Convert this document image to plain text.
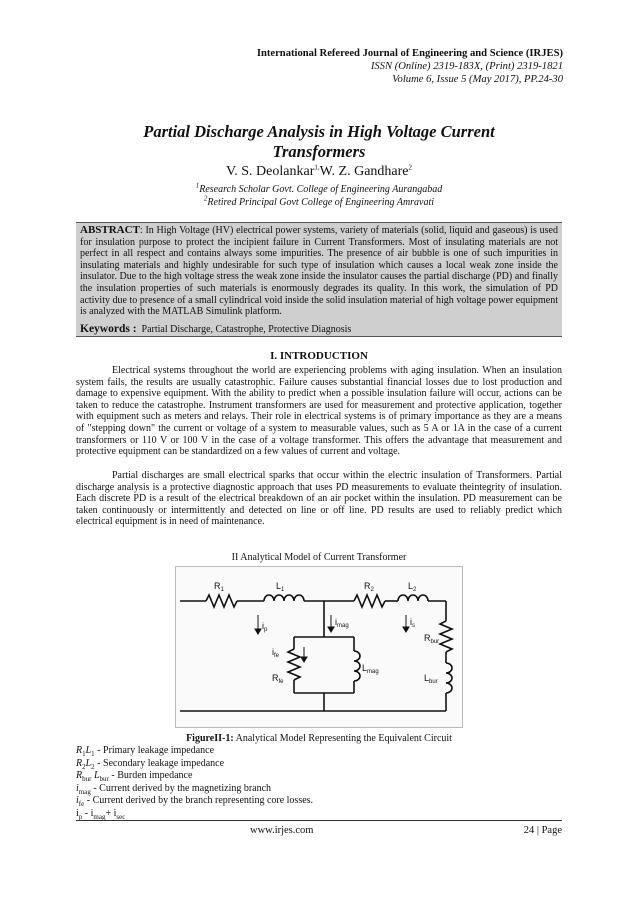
International Refereed Journal of Engineering and Science (IRJES)
ISSN (Online) 2319-183X, (Print) 2319-1821
Volume 6, Issue 5 (May 2017), PP.24-30
Partial Discharge Analysis in High Voltage Current
Transformers
V. S. Deolankar$^{1,}$W. Z. Gandhare$^2$
$^1$Research Scholar Govt. College of Engineering Aurangabad
$^2$Retired Principal Govt College of Engineering Amravati
ABSTRACT: In High Voltage (HV) electrical power systems, variety of materials (solid, liquid and gaseous) is used for insulation purpose to protect the incipient failure in Current Transformers. Most of insulating materials are not perfect in all respect and contains always some impurities. The presence of air bubble is one of such impurities in insulating materials and highly undesirable for such type of insulation which causes a local weak zone inside the insulator. Due to the high voltage stress the weak zone inside the insulator causes the partial discharge (PD) and finally the insulation properties of such materials is enormously degrades its quality. In this work, the simulation of PD activity due to presence of a small cylindrical void inside the solid insulation material of high voltage power equipment is analyzed with the MATLAB Simulink platform.
Keywords : Partial Discharge, Catastrophe, Protective Diagnosis
I. INTRODUCTION
Electrical systems throughout the world are experiencing problems with aging insulation. When an insulation system fails, the results are usually catastrophic. Failure causes substantial financial losses due to lost production and damage to expensive equipment. With the ability to predict when a possible insulation failure will occur, actions can be taken to reduce the catastrophe. Instrument transformers are used for measurement and protective application, together with equipment such as meters and relays. Their role in electrical systems is of primary importance as they are a means of "stepping down" the current or voltage of a system to measurable values, such as 5 A or 1A in the case of a current transformers or 110 V or 100 V in the case of a voltage transformer. This offers the advantage that measurement and protective equipment can be standardized on a few values of current and voltage.
Partial discharges are small electrical sparks that occur within the electric insulation of Transformers. Partial discharge analysis is a protective diagnostic approach that uses PD measurements to evaluate theintegrity of insulation. Each discrete PD is a result of the electrical breakdown of an air pocket within the insulation. PD measurement can be taken continuously or intermittently and detected on line or off line. PD results are used to reliably predict which electrical equipment is in need of maintenance.
II Analytical Model of Current Transformer
$R_1$	$L_1$	$R_2$	$L_2$
$i_p$
$i_{mag}$	$i_s$
$i_{fe}$
$R_{fe}$
$L_{mag}$
$R_{bur}$
$L_{bur}$
FigureII-1: Analytical Model Representing the Equivalent Circuit
$R_1L_1$ - Primary leakage impedance
$R_2L_2$ - Secondary leakage impedance
$R_{bur}$ $L_{bur}$ - Burden impedance
$i_{mag}$ - Current derived by the magnetizing branch
$i_{fe}$ - Current derived by the branch representing core losses.
$i_p - i_{mag}+ i_{sec}$
www.irjes.com	24 | Page
